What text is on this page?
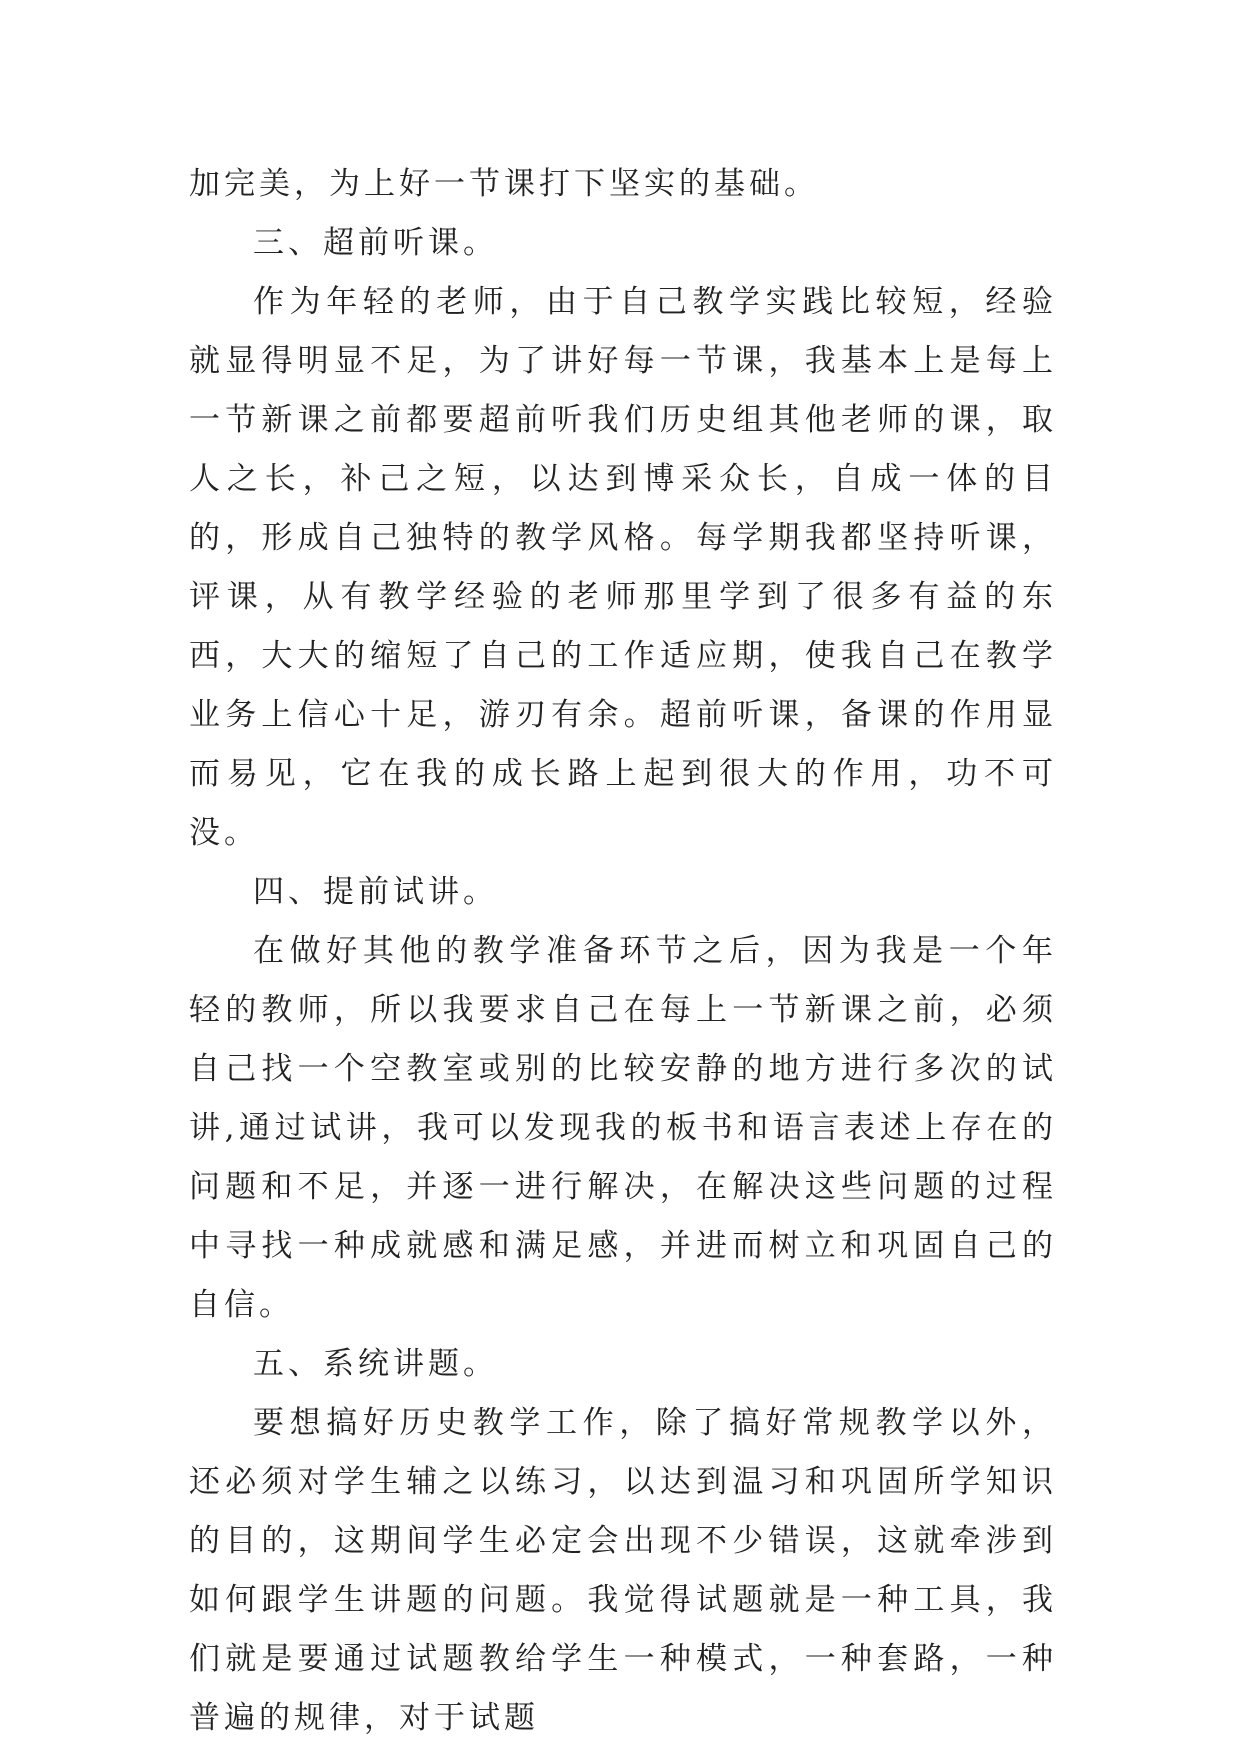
加完美，为上好一节课打下坚实的基础。

三、超前听课。

作为年轻的老师，由于自己教学实践比较短，经验就显得明显不足，为了讲好每一节课，我基本上是每上一节新课之前都要超前听我们历史组其他老师的课，取人之长，补己之短，以达到博采众长，自成一体的目的，形成自己独特的教学风格。每学期我都坚持听课，评课，从有教学经验的老师那里学到了很多有益的东西，大大的缩短了自己的工作适应期，使我自己在教学业务上信心十足，游刃有余。超前听课，备课的作用显而易见，它在我的成长路上起到很大的作用，功不可没。

四、提前试讲。

在做好其他的教学准备环节之后，因为我是一个年轻的教师，所以我要求自己在每上一节新课之前，必须自己找一个空教室或别的比较安静的地方进行多次的试讲,通过试讲，我可以发现我的板书和语言表述上存在的问题和不足，并逐一进行解决，在解决这些问题的过程中寻找一种成就感和满足感，并进而树立和巩固自己的自信。

五、系统讲题。

要想搞好历史教学工作，除了搞好常规教学以外，还必须对学生辅之以练习，以达到温习和巩固所学知识的目的，这期间学生必定会出现不少错误，这就牵涉到如何跟学生讲题的问题。我觉得试题就是一种工具，我们就是要通过试题教给学生一种模式，一种套路，一种普遍的规律，对于试题
